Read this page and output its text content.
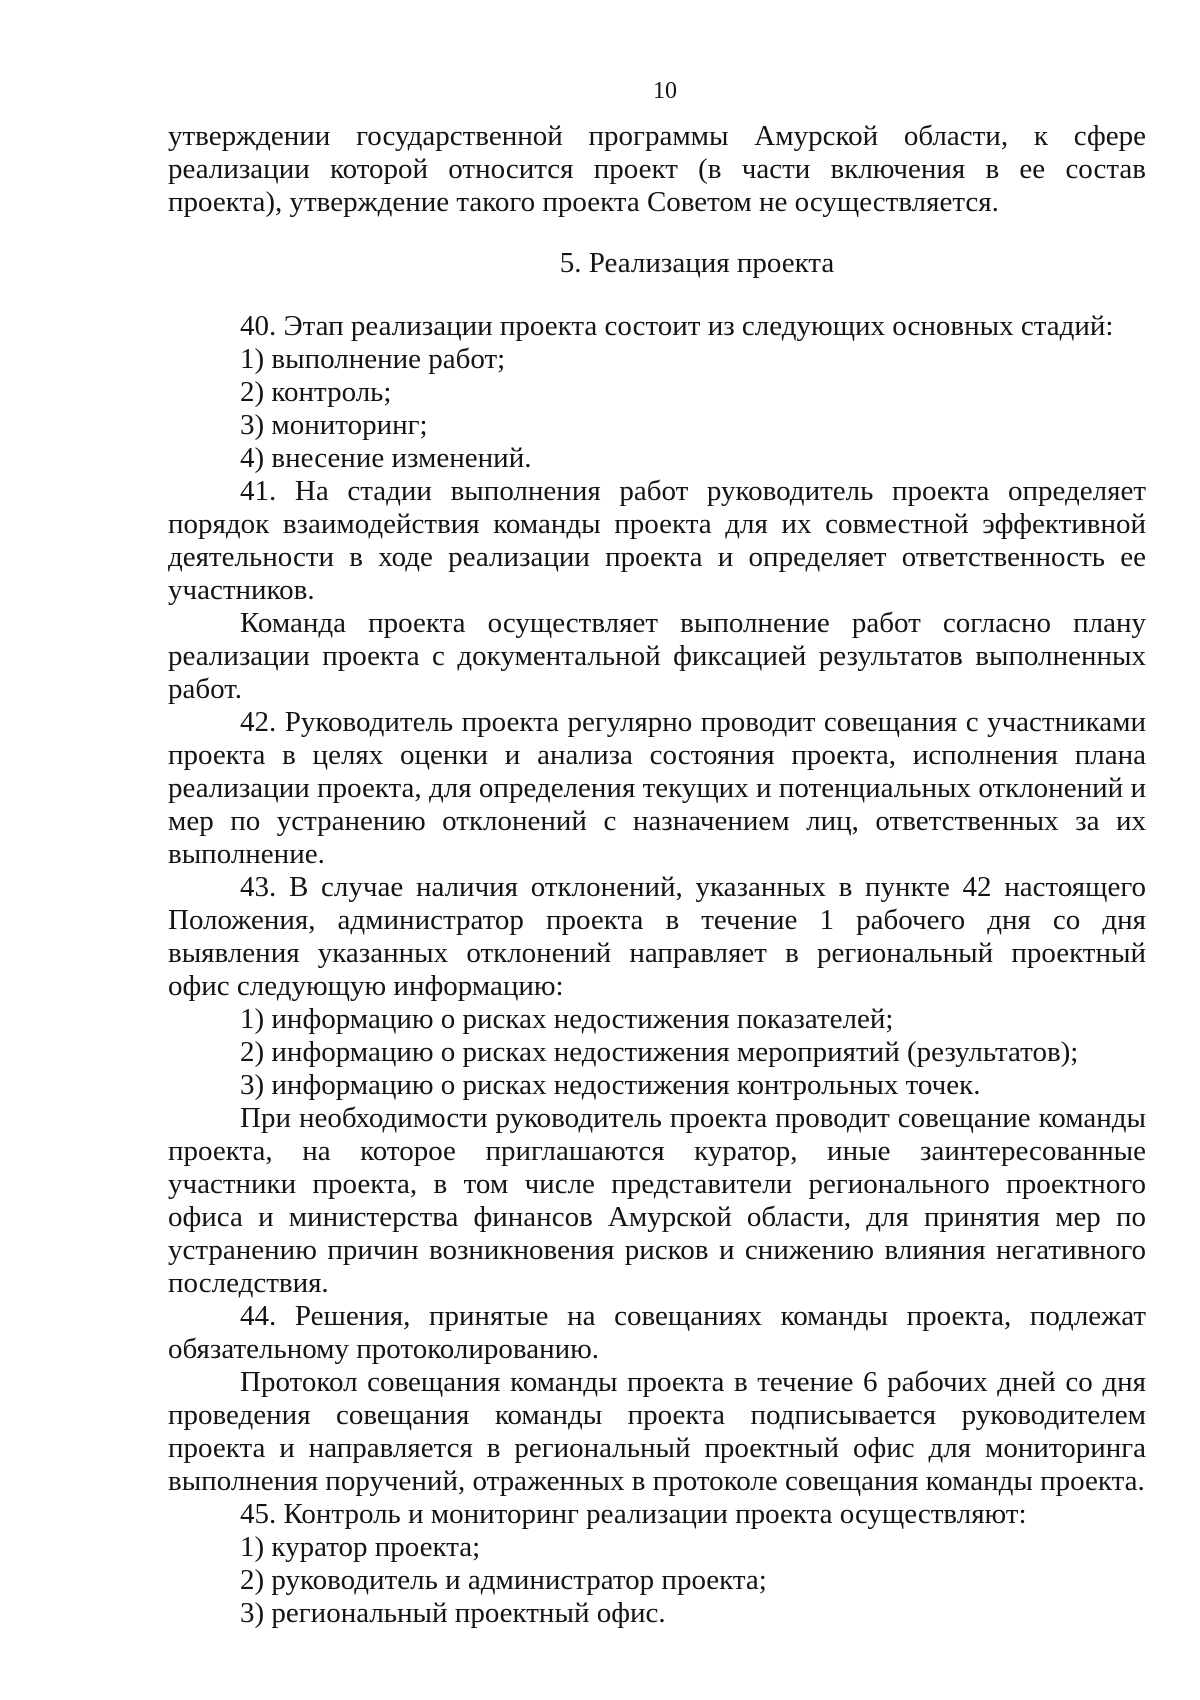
10

утверждении государственной программы Амурской области, к сфере реализации которой относится проект (в части включения в ее состав проекта), утверждение такого проекта Советом не осуществляется.

5. Реализация проекта

40. Этап реализации проекта состоит из следующих основных стадий:

1) выполнение работ;

2) контроль;

3) мониторинг;

4) внесение изменений.

41. На стадии выполнения работ руководитель проекта определяет порядок взаимодействия команды проекта для их совместной эффективной деятельности в ходе реализации проекта и определяет ответственность ее участников.

Команда проекта осуществляет выполнение работ согласно плану реализации проекта с документальной фиксацией результатов выполненных работ.

42. Руководитель проекта регулярно проводит совещания с участниками проекта в целях оценки и анализа состояния проекта, исполнения плана реализации проекта, для определения текущих и потенциальных отклонений и мер по устранению отклонений с назначением лиц, ответственных за их выполнение.

43. В случае наличия отклонений, указанных в пункте 42 настоящего Положения, администратор проекта в течение 1 рабочего дня со дня выявления указанных отклонений направляет в региональный проектный офис следующую информацию:

1) информацию о рисках недостижения показателей;

2) информацию о рисках недостижения мероприятий (результатов);

3) информацию о рисках недостижения контрольных точек.

При необходимости руководитель проекта проводит совещание команды проекта, на которое приглашаются куратор, иные заинтересованные участники проекта, в том числе представители регионального проектного офиса и министерства финансов Амурской области, для принятия мер по устранению причин возникновения рисков и снижению влияния негативного последствия.

44. Решения, принятые на совещаниях команды проекта, подлежат обязательному протоколированию.

Протокол совещания команды проекта в течение 6 рабочих дней со дня проведения совещания команды проекта подписывается руководителем проекта и направляется в региональный проектный офис для мониторинга выполнения поручений, отраженных в протоколе совещания команды проекта.

45. Контроль и мониторинг реализации проекта осуществляют:

1) куратор проекта;

2) руководитель и администратор проекта;

3) региональный проектный офис.
